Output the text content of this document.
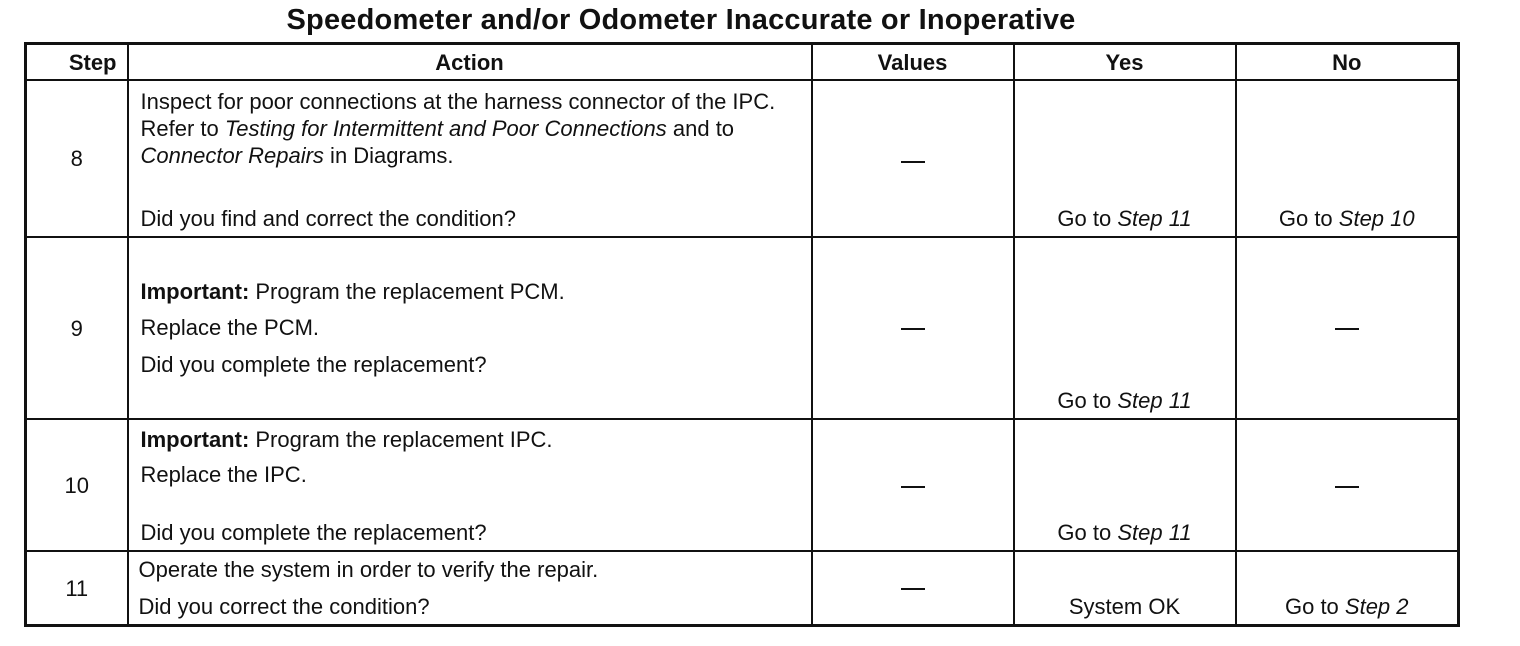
Speedometer and/or Odometer Inaccurate or Inoperative
Step	Action	Values	Yes	No
8	Inspect for poor connections at the harness connector of the IPC. Refer to Testing for Intermittent and Poor Connections and to Connector Repairs in Diagrams.
Did you find and correct the condition?		Go to Step 11	Go to Step 10

9	Important: Program the replacement PCM.
Replace the PCM.
Did you complete the replacement?		Go to Step 11	

10	Important: Program the replacement IPC.
Replace the IPC.
Did you complete the replacement?		Go to Step 11	

11	Operate the system in order to verify the repair.
Did you correct the condition?		System OK	Go to Step 2
